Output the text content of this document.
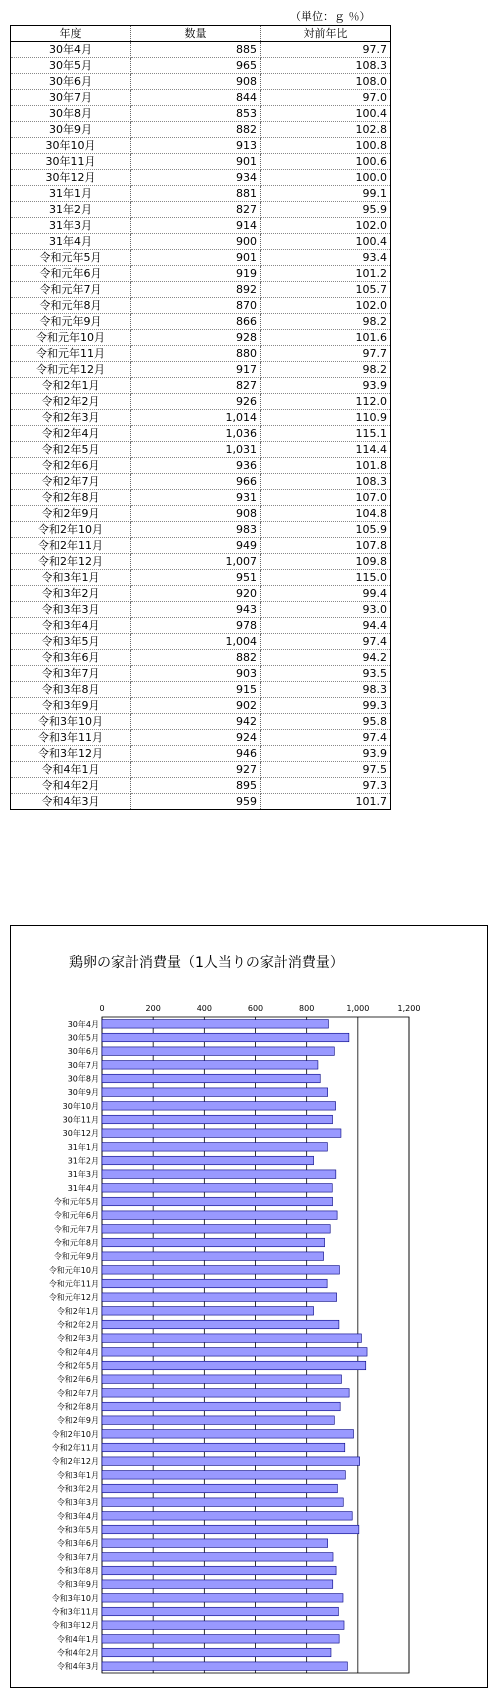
（単位：ｇ ％）
年度	数量	対前年比
30年4月	885	97.7
30年5月	965	108.3
30年6月	908	108.0
30年7月	844	97.0
30年8月	853	100.4
30年9月	882	102.8
30年10月	913	100.8
30年11月	901	100.6
30年12月	934	100.0
31年1月	881	99.1
31年2月	827	95.9
31年3月	914	102.0
31年4月	900	100.4
令和元年5月	901	93.4
令和元年6月	919	101.2
令和元年7月	892	105.7
令和元年8月	870	102.0
令和元年9月	866	98.2
令和元年10月	928	101.6
令和元年11月	880	97.7
令和元年12月	917	98.2
令和2年1月	827	93.9
令和2年2月	926	112.0
令和2年3月	1,014	110.9
令和2年4月	1,036	115.1
令和2年5月	1,031	114.4
令和2年6月	936	101.8
令和2年7月	966	108.3
令和2年8月	931	107.0
令和2年9月	908	104.8
令和2年10月	983	105.9
令和2年11月	949	107.8
令和2年12月	1,007	109.8
令和3年1月	951	115.0
令和3年2月	920	99.4
令和3年3月	943	93.0
令和3年4月	978	94.4
令和3年5月	1,004	97.4
令和3年6月	882	94.2
令和3年7月	903	93.5
令和3年8月	915	98.3
令和3年9月	902	99.3
令和3年10月	942	95.8
令和3年11月	924	97.4
令和3年12月	946	93.9
令和4年1月	927	97.5
令和4年2月	895	97.3
令和4年3月	959	101.7
鶏卵の家計消費量（1人当りの家計消費量）
0	200	400	600	800	1,000	1,200
30年4月
30年5月
30年6月
30年7月
30年8月
30年9月
30年10月
30年11月
30年12月
31年1月
31年2月
31年3月
31年4月
令和元年5月
令和元年6月
令和元年7月
令和元年8月
令和元年9月
令和元年10月
令和元年11月
令和元年12月
令和2年1月
令和2年2月
令和2年3月
令和2年4月
令和2年5月
令和2年6月
令和2年7月
令和2年8月
令和2年9月
令和2年10月
令和2年11月
令和2年12月
令和3年1月
令和3年2月
令和3年3月
令和3年4月
令和3年5月
令和3年6月
令和3年7月
令和3年8月
令和3年9月
令和3年10月
令和3年11月
令和3年12月
令和4年1月
令和4年2月
令和4年3月
